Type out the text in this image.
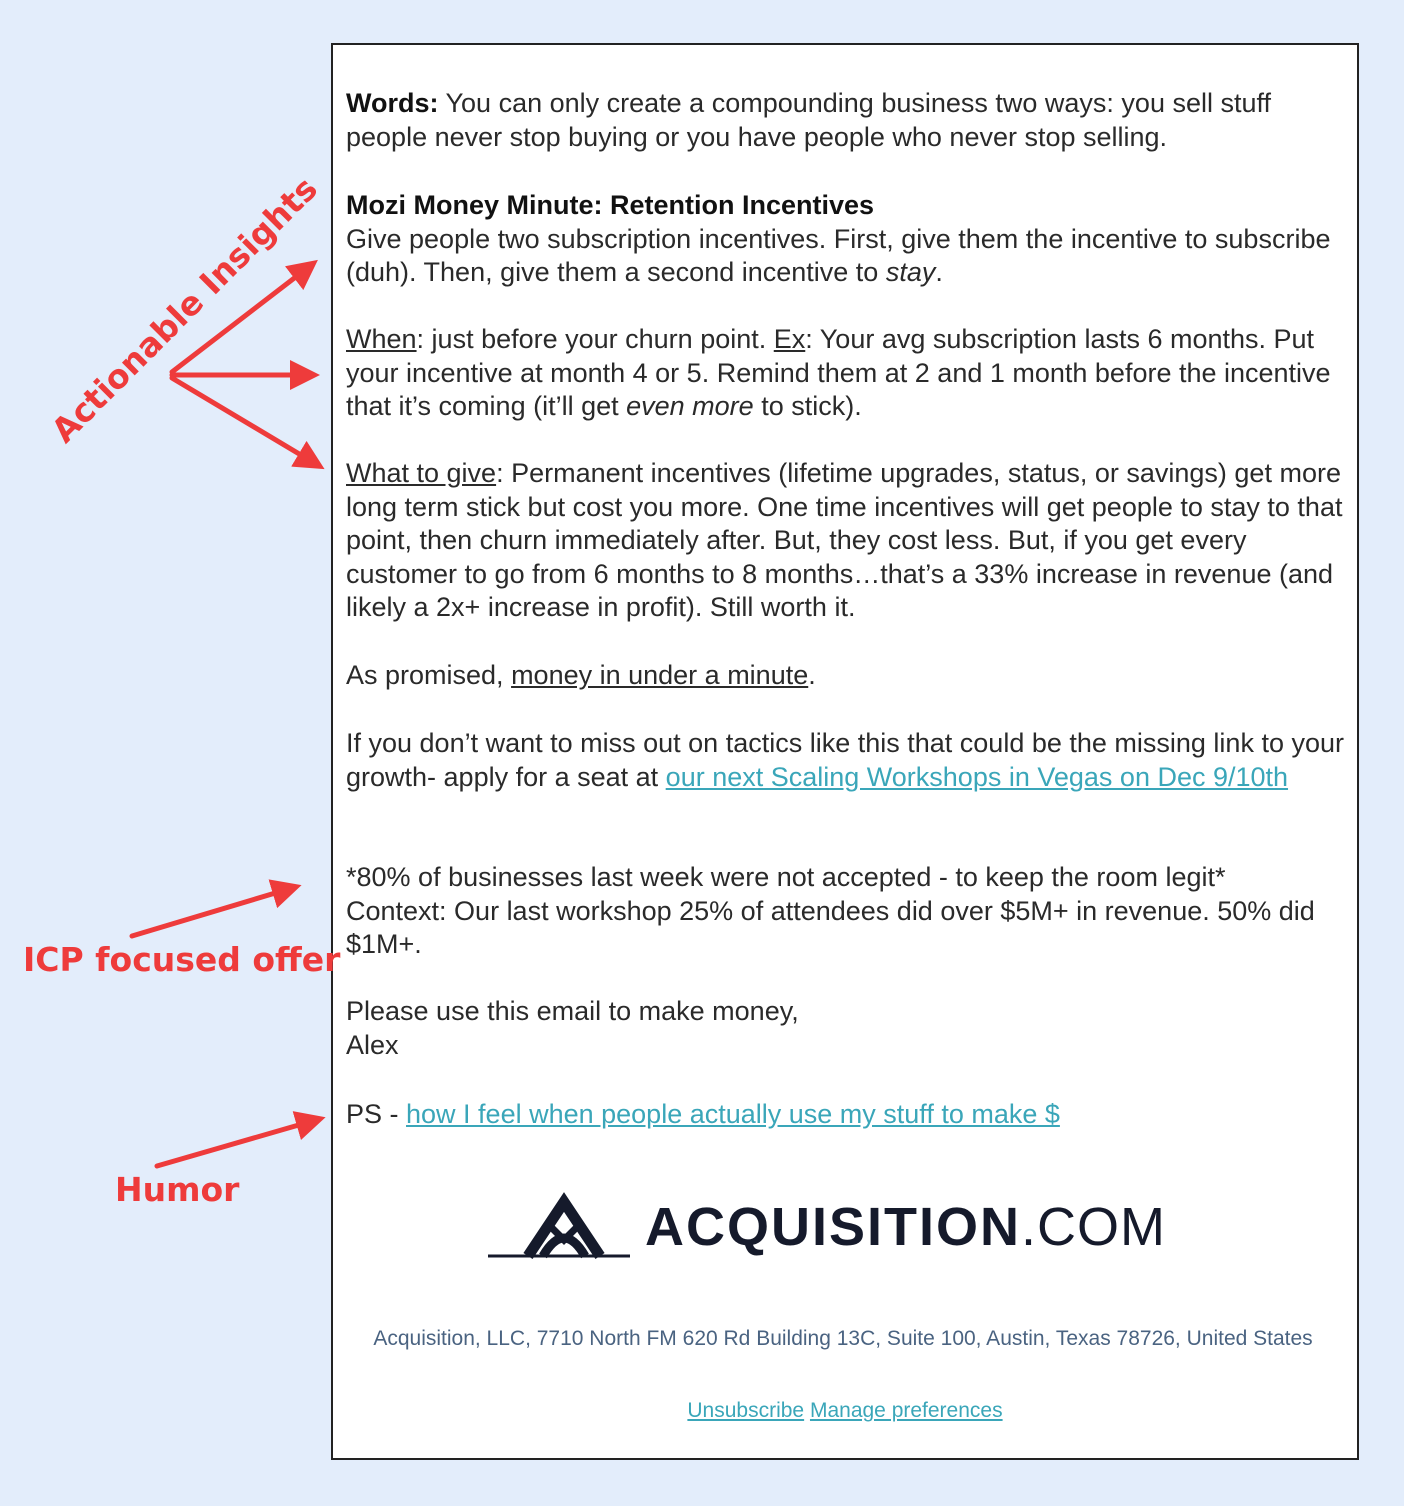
Words: You can only create a compounding business two ways: you sell stuff people never stop buying or you have people who never stop selling.
Mozi Money Minute: Retention Incentives
Give people two subscription incentives. First, give them the incentive to subscribe (duh). Then, give them a second incentive to stay.
When: just before your churn point. Ex: Your avg subscription lasts 6 months. Put your incentive at month 4 or 5. Remind them at 2 and 1 month before the incentive that it’s coming (it’ll get even more to stick).
What to give: Permanent incentives (lifetime upgrades, status, or savings) get more long term stick but cost you more. One time incentives will get people to stay to that point, then churn immediately after. But, they cost less. But, if you get every customer to go from 6 months to 8 months…that’s a 33% increase in revenue (and likely a 2x+ increase in profit). Still worth it.
As promised, money in under a minute.
If you don’t want to miss out on tactics like this that could be the missing link to your growth- apply for a seat at our next Scaling Workshops in Vegas on Dec 9/10th
*80% of businesses last week were not accepted - to keep the room legit*
Context: Our last workshop 25% of attendees did over $5M+ in revenue. 50% did $1M+.
Please use this email to make money,
Alex
PS - how I feel when people actually use my stuff to make $
ACQUISITION.COM
Acquisition, LLC, 7710 North FM 620 Rd Building 13C, Suite 100, Austin, Texas 78726, United States
Unsubscribe Manage preferences
Actionable Insights
ICP focused offer
Humor
